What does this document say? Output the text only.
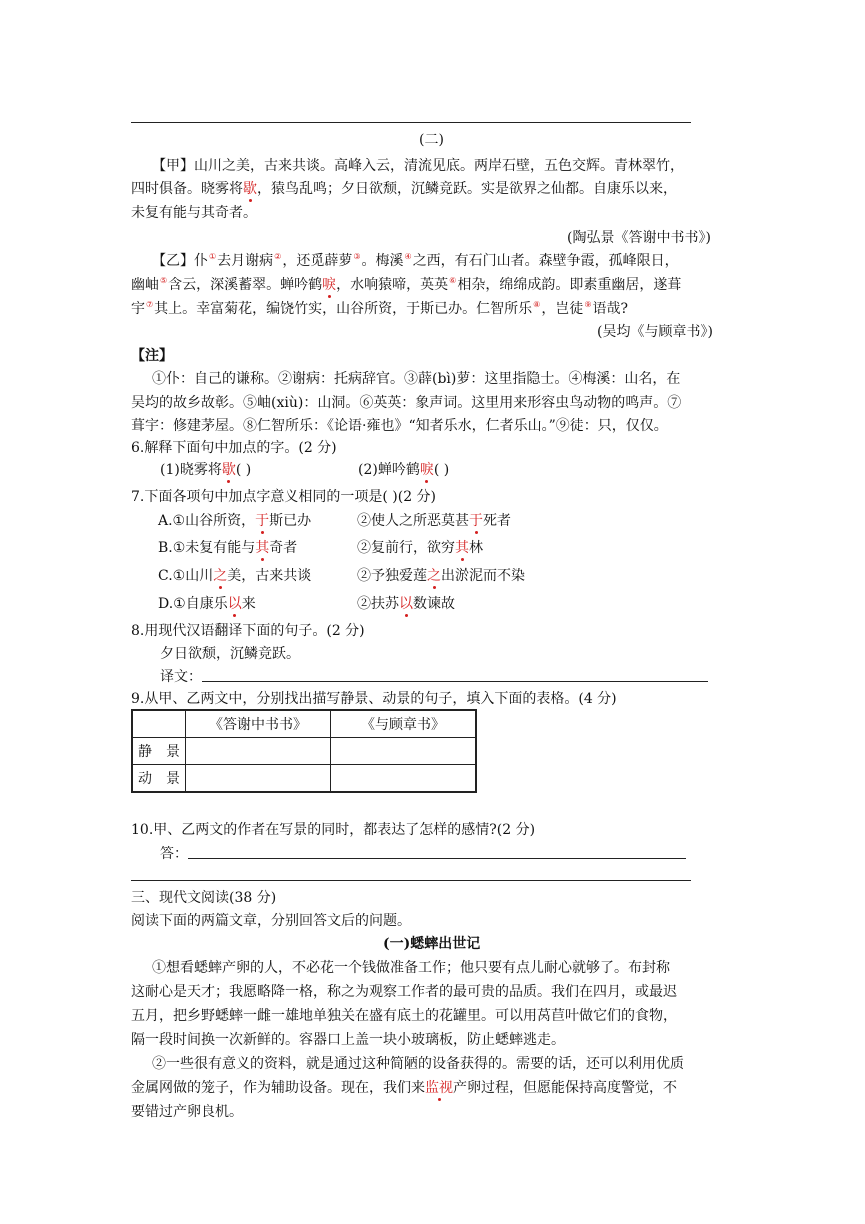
(二)
【甲】山川之美，古来共谈。高峰入云，清流见底。两岸石壁，五色交辉。青林翠竹，
四时俱备。晓雾将歇，猿鸟乱鸣；夕日欲颓，沉鳞竞跃。实是欲界之仙都。自康乐以来，
未复有能与其奇者。
(陶弘景《答谢中书书》)
【乙】仆①去月谢病②，还觅薜萝③。梅溪④之西，有石门山者。森壁争霞，孤峰限日，
幽岫⑤含云，深溪蓄翠。蝉吟鹤唳，水响猿啼，英英⑥相杂，绵绵成韵。即素重幽居，遂葺
宇⑦其上。幸富菊花，编饶竹实，山谷所资，于斯已办。仁智所乐⑧，岂徒⑨语哉?
(吴均《与顾章书》)
【注】
①仆：自己的谦称。②谢病：托病辞官。③薜(bì)萝：这里指隐士。④梅溪：山名，在
吴均的故乡故彰。⑤岫(xiù)：山洞。⑥英英：象声词。这里用来形容虫鸟动物的鸣声。⑦
葺宇：修建茅屋。⑧仁智所乐：《论语·雍也》“知者乐水，仁者乐山。”⑨徒：只，仅仅。
6.解释下面句中加点的字。(2 分)
(1)晓雾将歇( )	(2)蝉吟鹤唳( )
7.下面各项句中加点字意义相同的一项是( )(2 分)
A.①山谷所资，于斯已办	②使人之所恶莫甚于死者
B.①未复有能与其奇者	②复前行，欲穷其林
C.①山川之美，古来共谈	②予独爱莲之出淤泥而不染
D.①自康乐以来	②扶苏以数谏故
8.用现代汉语翻译下面的句子。(2 分)
夕日欲颓，沉鳞竞跃。
译文：
9.从甲、乙两文中，分别找出描写静景、动景的句子，填入下面的表格。(4 分)
	《答谢中书书》	《与顾章书》
静　景		
动　景		
10.甲、乙两文的作者在写景的同时，都表达了怎样的感情?(2 分)
答：
三、现代文阅读(38 分)
阅读下面的两篇文章，分别回答文后的问题。
(一)蟋蟀出世记
①想看蟋蟀产卵的人，不必花一个钱做准备工作；他只要有点儿耐心就够了。布封称
这耐心是天才；我愿略降一格，称之为观察工作者的最可贵的品质。我们在四月，或最迟
五月，把乡野蟋蟀一雌一雄地单独关在盛有底土的花罐里。可以用莴苣叶做它们的食物，
隔一段时间换一次新鲜的。容器口上盖一块小玻璃板，防止蟋蟀逃走。
②一些很有意义的资料，就是通过这种简陋的设备获得的。需要的话，还可以利用优质
金属网做的笼子，作为辅助设备。现在，我们来监视产卵过程，但愿能保持高度警觉，不
要错过产卵良机。
